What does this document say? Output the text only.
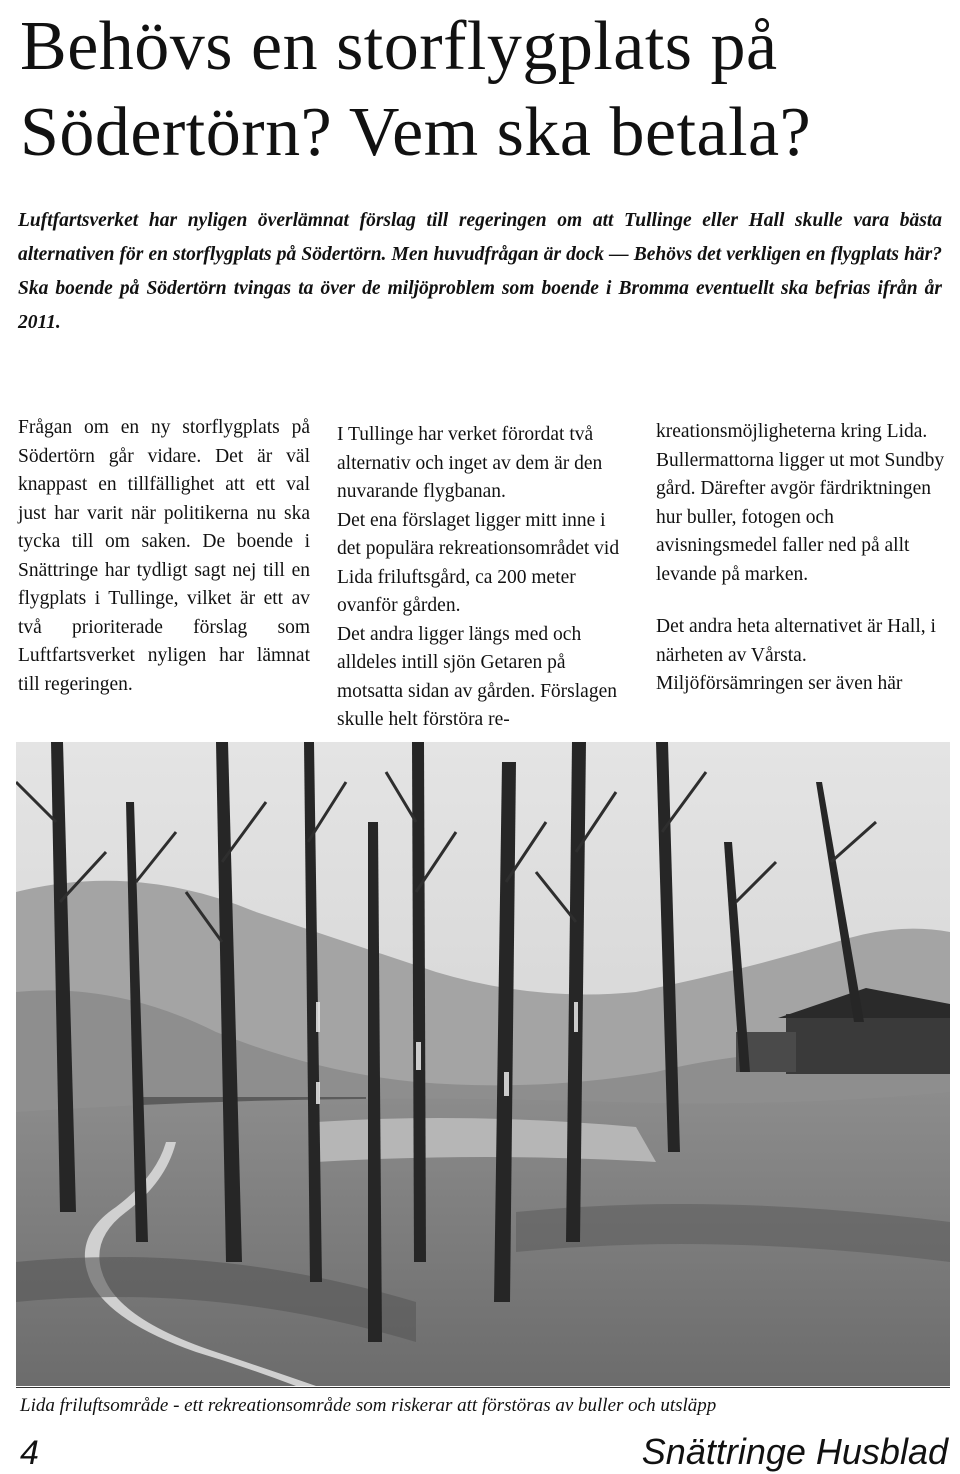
Behövs en storflygplats på
Södertörn? Vem ska betala?

Luftfartsverket har nyligen överlämnat förslag till regeringen om att Tullinge eller Hall skulle vara bästa alternativen för en storflygplats på Södertörn. Men huvudfrågan är dock — Behövs det verkligen en flygplats här? Ska boende på Södertörn tvingas ta över de miljöproblem som boende i Bromma eventuellt ska befrias ifrån år 2011.

Frågan om en ny storflygplats på Södertörn går vidare. Det är väl knappast en tillfällighet att ett val just har varit när politikerna nu ska tycka till om saken. De boende i Snättringe har tydligt sagt nej till en flygplats i Tullinge, vilket är ett av två prioriterade förslag som Luftfartsverket nyligen har lämnat till regeringen.

I Tullinge har verket förordat två alternativ och inget av dem är den nuvarande flygbanan.

Det ena förslaget ligger mitt inne i det populära rekreationsområdet vid Lida friluftsgård, ca 200 meter ovanför gården.

Det andra ligger längs med och alldeles intill sjön Getaren på motsatta sidan av gården. Förslagen skulle helt förstöra re-

kreationsmöjligheterna kring Lida.

Bullermattorna ligger ut mot Sundby gård. Därefter avgör färdriktningen hur buller, fotogen och avisningsmedel faller ned på allt levande på marken.

Det andra heta alternativet är Hall, i närheten av Vårsta. Miljöförsämringen ser även här

Lida friluftsområde - ett rekreationsområde som riskerar att förstöras av buller och utsläpp

4	Snättringe Husblad
